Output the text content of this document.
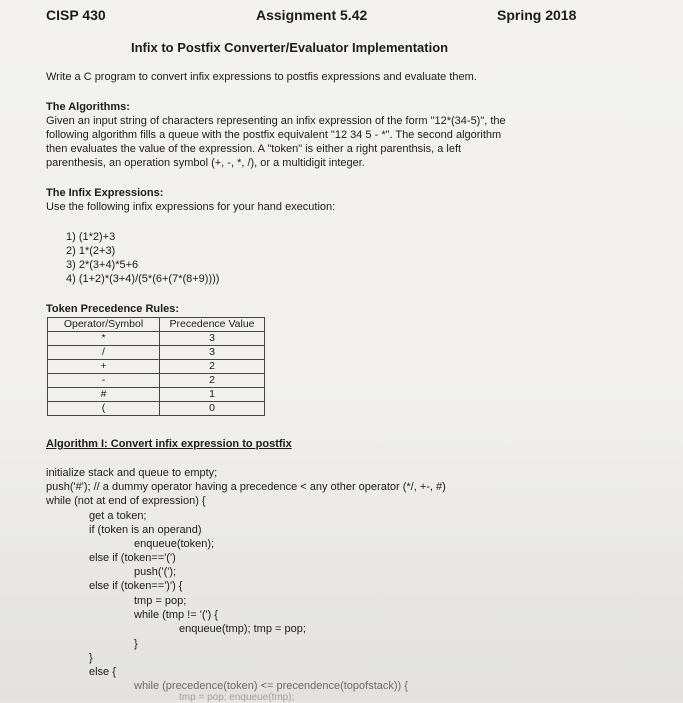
CISP 430	Assignment 5.42	Spring 2018
Infix to Postfix Converter/Evaluator Implementation
Write a C program to convert infix expressions to postfis expressions and evaluate them.
The Algorithms:
Given an input string of characters representing an infix expression of the form "12*(34-5)", the
following algorithm fills a queue with the postfix equivalent "12 34 5 - *". The second algorithm
then evaluates the value of the expression. A "token" is either a right parenthsis, a left
parenthesis, an operation symbol (+, -, *, /), or a multidigit integer.
The Infix Expressions:
Use the following infix expressions for your hand execution:
1) (1*2)+3
2) 1*(2+3)
3) 2*(3+4)*5+6
4) (1+2)*(3+4)/(5*(6+(7*(8+9))))
Token Precedence Rules:
Operator/Symbol	Precedence Value
*	3
/	3
+	2
-	2
#	1
(	0
Algorithm I: Convert infix expression to postfix
initialize stack and queue to empty;
push('#'); // a dummy operator having a precedence < any other operator (*/, +-, #)
while (not at end of expression) {
get a token;
if (token is an operand)
enqueue(token);
else if (token=='(')
push('(');
else if (token==')') {
tmp = pop;
while (tmp != '(') {
enqueue(tmp); tmp = pop;
}
}
else {
while (precedence(token) <= precendence(topofstack)) {
tmp = pop; enqueue(tmp);
